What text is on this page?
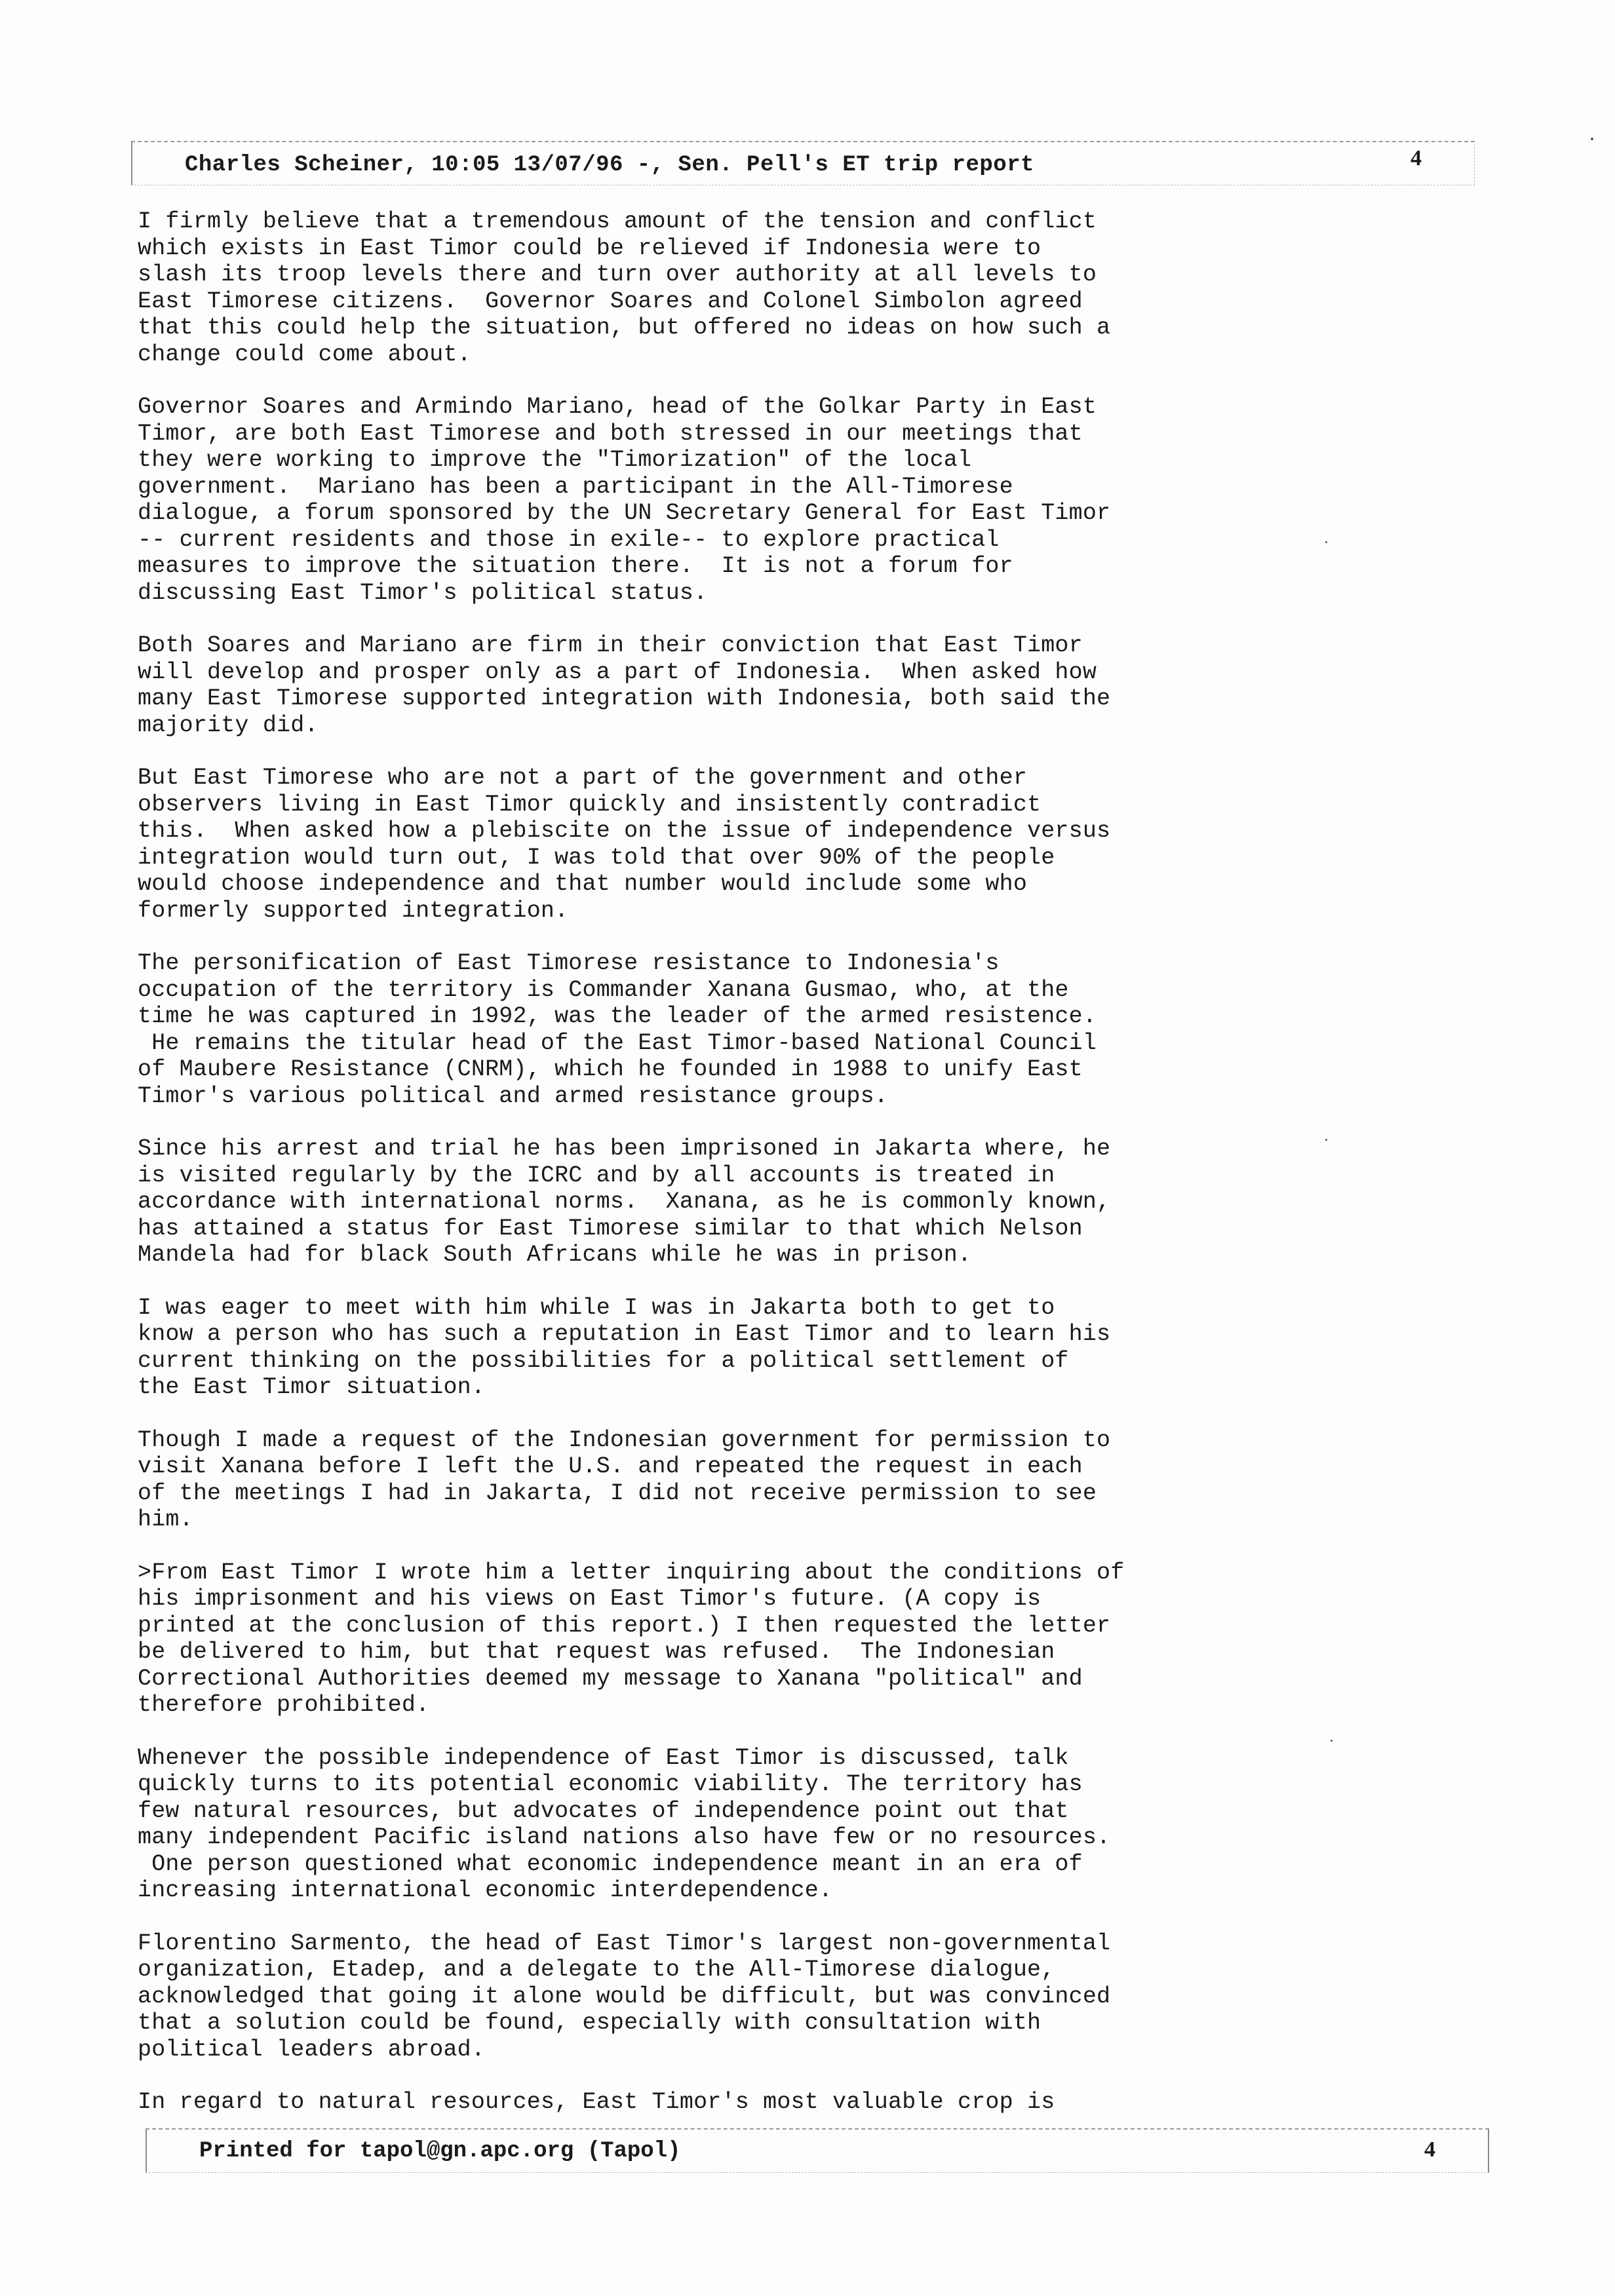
Charles Scheiner, 10:05 13/07/96 -, Sen. Pell's ET trip report	4
I firmly believe that a tremendous amount of the tension and conflict
which exists in East Timor could be relieved if Indonesia were to
slash its troop levels there and turn over authority at all levels to
East Timorese citizens.  Governor Soares and Colonel Simbolon agreed
that this could help the situation, but offered no ideas on how such a
change could come about.
Governor Soares and Armindo Mariano, head of the Golkar Party in East
Timor, are both East Timorese and both stressed in our meetings that
they were working to improve the "Timorization" of the local
government.  Mariano has been a participant in the All-Timorese
dialogue, a forum sponsored by the UN Secretary General for East Timor
-- current residents and those in exile-- to explore practical
measures to improve the situation there.  It is not a forum for
discussing East Timor's political status.
Both Soares and Mariano are firm in their conviction that East Timor
will develop and prosper only as a part of Indonesia.  When asked how
many East Timorese supported integration with Indonesia, both said the
majority did.
But East Timorese who are not a part of the government and other
observers living in East Timor quickly and insistently contradict
this.  When asked how a plebiscite on the issue of independence versus
integration would turn out, I was told that over 90% of the people
would choose independence and that number would include some who
formerly supported integration.
The personification of East Timorese resistance to Indonesia's
occupation of the territory is Commander Xanana Gusmao, who, at the
time he was captured in 1992, was the leader of the armed resistence.
He remains the titular head of the East Timor-based National Council
of Maubere Resistance (CNRM), which he founded in 1988 to unify East
Timor's various political and armed resistance groups.
Since his arrest and trial he has been imprisoned in Jakarta where, he
is visited regularly by the ICRC and by all accounts is treated in
accordance with international norms.  Xanana, as he is commonly known,
has attained a status for East Timorese similar to that which Nelson
Mandela had for black South Africans while he was in prison.
I was eager to meet with him while I was in Jakarta both to get to
know a person who has such a reputation in East Timor and to learn his
current thinking on the possibilities for a political settlement of
the East Timor situation.
Though I made a request of the Indonesian government for permission to
visit Xanana before I left the U.S. and repeated the request in each
of the meetings I had in Jakarta, I did not receive permission to see
him.
>From East Timor I wrote him a letter inquiring about the conditions of
his imprisonment and his views on East Timor's future. (A copy is
printed at the conclusion of this report.) I then requested the letter
be delivered to him, but that request was refused.  The Indonesian
Correctional Authorities deemed my message to Xanana "political" and
therefore prohibited.
Whenever the possible independence of East Timor is discussed, talk
quickly turns to its potential economic viability. The territory has
few natural resources, but advocates of independence point out that
many independent Pacific island nations also have few or no resources.
One person questioned what economic independence meant in an era of
increasing international economic interdependence.
Florentino Sarmento, the head of East Timor's largest non-governmental
organization, Etadep, and a delegate to the All-Timorese dialogue,
acknowledged that going it alone would be difficult, but was convinced
that a solution could be found, especially with consultation with
political leaders abroad.
In regard to natural resources, East Timor's most valuable crop is
Printed for tapol@gn.apc.org (Tapol)	4
